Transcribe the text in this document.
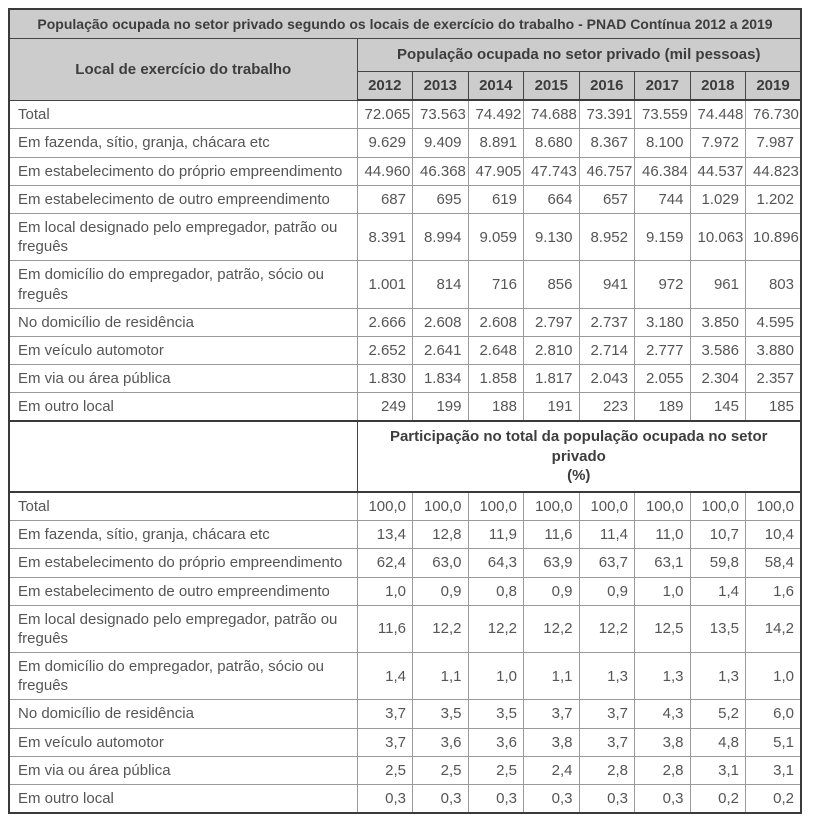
População ocupada no setor privado segundo os locais de exercício do trabalho - PNAD Contínua 2012 a 2019								
Local de exercício do trabalho	População ocupada no setor privado (mil pessoas)							
	2012	2013	2014	2015	2016	2017	2018	2019
Total	72.065	73.563	74.492	74.688	73.391	73.559	74.448	76.730
Em fazenda, sítio, granja, chácara etc	9.629	9.409	8.891	8.680	8.367	8.100	7.972	7.987
Em estabelecimento do próprio empreendimento	44.960	46.368	47.905	47.743	46.757	46.384	44.537	44.823
Em estabelecimento de outro empreendimento	687	695	619	664	657	744	1.029	1.202
Em local designado pelo empregador, patrão ou freguês	8.391	8.994	9.059	9.130	8.952	9.159	10.063	10.896
Em domicílio do empregador, patrão, sócio ou freguês	1.001	814	716	856	941	972	961	803
No domicílio de residência	2.666	2.608	2.608	2.797	2.737	3.180	3.850	4.595
Em veículo automotor	2.652	2.641	2.648	2.810	2.714	2.777	3.586	3.880
Em via ou área pública	1.830	1.834	1.858	1.817	2.043	2.055	2.304	2.357
Em outro local	249	199	188	191	223	189	145	185

	Participação no total da população ocupada no setor privado
(%)							

Total	100,0	100,0	100,0	100,0	100,0	100,0	100,0	100,0
Em fazenda, sítio, granja, chácara etc	13,4	12,8	11,9	11,6	11,4	11,0	10,7	10,4
Em estabelecimento do próprio empreendimento	62,4	63,0	64,3	63,9	63,7	63,1	59,8	58,4
Em estabelecimento de outro empreendimento	1,0	0,9	0,8	0,9	0,9	1,0	1,4	1,6
Em local designado pelo empregador, patrão ou freguês	11,6	12,2	12,2	12,2	12,2	12,5	13,5	14,2
Em domicílio do empregador, patrão, sócio ou freguês	1,4	1,1	1,0	1,1	1,3	1,3	1,3	1,0
No domicílio de residência	3,7	3,5	3,5	3,7	3,7	4,3	5,2	6,0
Em veículo automotor	3,7	3,6	3,6	3,8	3,7	3,8	4,8	5,1
Em via ou área pública	2,5	2,5	2,5	2,4	2,8	2,8	3,1	3,1
Em outro local	0,3	0,3	0,3	0,3	0,3	0,3	0,2	0,2
